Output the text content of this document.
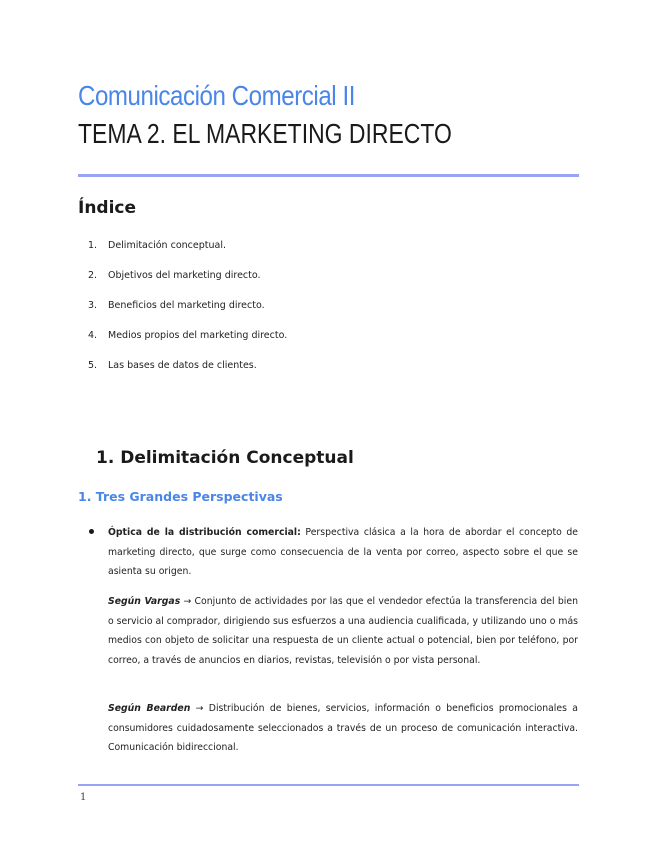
Comunicación Comercial II
TEMA 2. EL MARKETING DIRECTO
Índice
1. Delimitación conceptual.
2. Objetivos del marketing directo.
3. Beneficios del marketing directo.
4. Medios propios del marketing directo.
5. Las bases de datos de clientes.
1. Delimitación Conceptual
1. Tres Grandes Perspectivas

Óptica de la distribución comercial: Perspectiva clásica a la hora de abordar el concepto de marketing directo, que surge como consecuencia de la venta por correo, aspecto sobre el que se asienta su origen.

Según Vargas → Conjunto de actividades por las que el vendedor efectúa la transferencia del bien o servicio al comprador, dirigiendo sus esfuerzos a una audiencia cualificada, y utilizando uno o más medios con objeto de solicitar una respuesta de un cliente actual o potencial, bien por teléfono, por correo, a través de anuncios en diarios, revistas, televisión o por vista personal.

Según Bearden → Distribución de bienes, servicios, información o beneficios promocionales a consumidores cuidadosamente seleccionados a través de un proceso de comunicación interactiva. Comunicación bidireccional.

1
